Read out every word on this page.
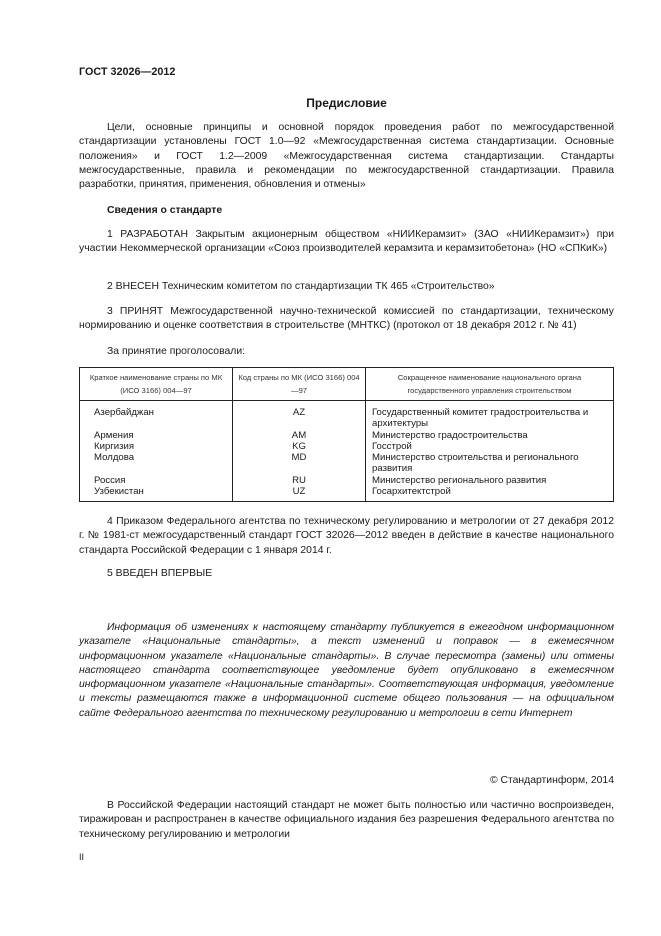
ГОСТ 32026—2012
Предисловие
Цели, основные принципы и основной порядок проведения работ по межгосударственной стандартизации установлены ГОСТ 1.0—92 «Межгосударственная система стандартизации. Основные положения» и ГОСТ 1.2—2009 «Межгосударственная система стандартизации. Стандарты межгосударственные, правила и рекомендации по межгосударственной стандартизации. Правила разработки, принятия, применения, обновления и отмены»
Сведения о стандарте
1 РАЗРАБОТАН Закрытым акционерным обществом «НИИКерамзит» (ЗАО «НИИКерамзит») при участии Некоммерческой организации «Союз производителей керамзита и керамзитобетона» (НО «СПКиК»)
2 ВНЕСЕН Техническим комитетом по стандартизации ТК 465 «Строительство»
3 ПРИНЯТ Межгосударственной научно-технической комиссией по стандартизации, техническому нормированию и оценке соответствия в строительстве (МНТКС) (протокол от 18 декабря 2012 г. № 41)
За принятие проголосовали:
Краткое наименование страны по МК (ИСО 3166) 004—97	Код страны по МК (ИСО 3166) 004—97	Сокращенное наименование национального органа государственного управления строительством
Азербайджан	AZ	Государственный комитет градостроительства и архитектуры
Армения	AM	Министерство градостроительства
Киргизия	KG	Госстрой
Молдова	MD	Министерство строительства и регионального развития
Россия	RU	Министерство регионального развития
Узбекистан	UZ	Госархитектстрой
4 Приказом Федерального агентства по техническому регулированию и метрологии от 27 декабря 2012 г. № 1981-ст межгосударственный стандарт ГОСТ 32026—2012 введен в действие в качестве национального стандарта Российской Федерации с 1 января 2014 г.
5 ВВЕДЕН ВПЕРВЫЕ
Информация об изменениях к настоящему стандарту публикуется в ежегодном информационном указателе «Национальные стандарты», а текст изменений и поправок — в ежемесячном информационном указателе «Национальные стандарты». В случае пересмотра (замены) или отмены настоящего стандарта соответствующее уведомление будет опубликовано в ежемесячном информационном указателе «Национальные стандарты». Соответствующая информация, уведомление и тексты размещаются также в информационной системе общего пользования — на официальном сайте Федерального агентства по техническому регулированию и метрологии в сети Интернет
© Стандартинформ, 2014
В Российской Федерации настоящий стандарт не может быть полностью или частично воспроизведен, тиражирован и распространен в качестве официального издания без разрешения Федерального агентства по техническому регулированию и метрологии
II
